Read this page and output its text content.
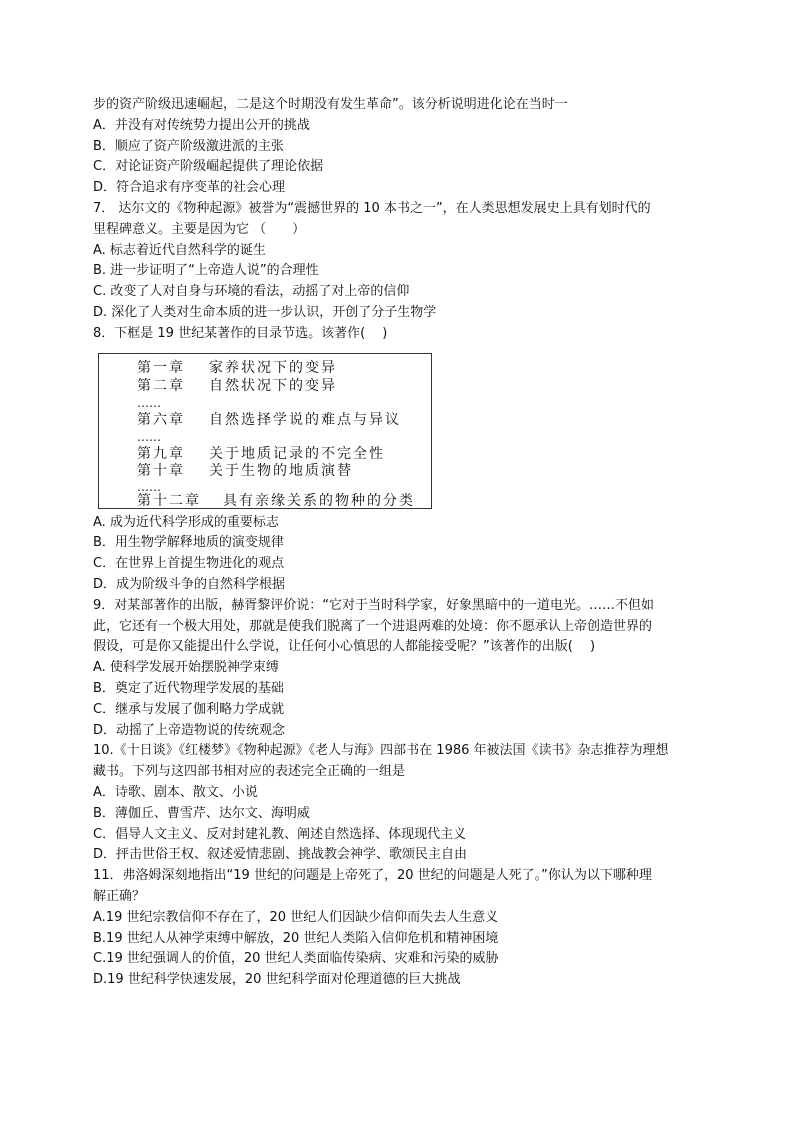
步的资产阶级迅速崛起，二是这个时期没有发生革命”。该分析说明进化论在当时一
A．并没有对传统势力提出公开的挑战
B．顺应了资产阶级激进派的主张
C．对论证资产阶级崛起提供了理论依据
D．符合追求有序变革的社会心理
7． 达尔文的《物种起源》被誉为“震撼世界的 10 本书之一”，在人类思想发展史上具有划时代的
里程碑意义。主要是因为它 （　　）
A. 标志着近代自然科学的诞生
B. 进一步证明了“上帝造人说”的合理性
C. 改变了人对自身与环境的看法，动摇了对上帝的信仰
D. 深化了人类对生命本质的进一步认识，开创了分子生物学
8．下框是 19 世纪某著作的目录节选。该著作(　 )
第一章 家养状况下的变异
第二章 自然状况下的变异
……
第六章 自然选择学说的难点与异议
……
第九章 关于地质记录的不完全性
第十章 关于生物的地质演替
……
第十二章 具有亲缘关系的物种的分类
A. 成为近代科学形成的重要标志
B．用生物学解释地质的演变规律
C．在世界上首提生物进化的观点
D．成为阶级斗争的自然科学根据
9．对某部著作的出版，赫胥黎评价说：“它对于当时科学家，好象黑暗中的一道电光。……不但如
此，它还有一个极大用处，那就是使我们脱离了一个进退两难的处境：你不愿承认上帝创造世界的
假设，可是你又能提出什么学说，让任何小心慎思的人都能接受呢？”该著作的出版(　 )
A. 使科学发展开始摆脱神学束缚
B．奠定了近代物理学发展的基础
C．继承与发展了伽利略力学成就
D．动摇了上帝造物说的传统观念
10.《十日谈》《红楼梦》《物种起源》《老人与海》四部书在 1986 年被法国《读书》杂志推荐为理想
藏书。下列与这四部书相对应的表述完全正确的一组是
A．诗歌、剧本、散文、小说
B．薄伽丘、曹雪芹、达尔文、海明威
C．倡导人文主义、反对封建礼教、阐述自然选择、体现现代主义
D．抨击世俗王权、叙述爱情悲剧、挑战教会神学、歌颂民主自由
11．弗洛姆深刻地指出“19 世纪的问题是上帝死了，20 世纪的问题是人死了。”你认为以下哪种理
解正确？
A.19 世纪宗教信仰不存在了，20 世纪人们因缺少信仰而失去人生意义
B.19 世纪人从神学束缚中解放，20 世纪人类陷入信仰危机和精神困境
C.19 世纪强调人的价值，20 世纪人类面临传染病、灾难和污染的威胁
D.19 世纪科学快速发展，20 世纪科学面对伦理道德的巨大挑战
